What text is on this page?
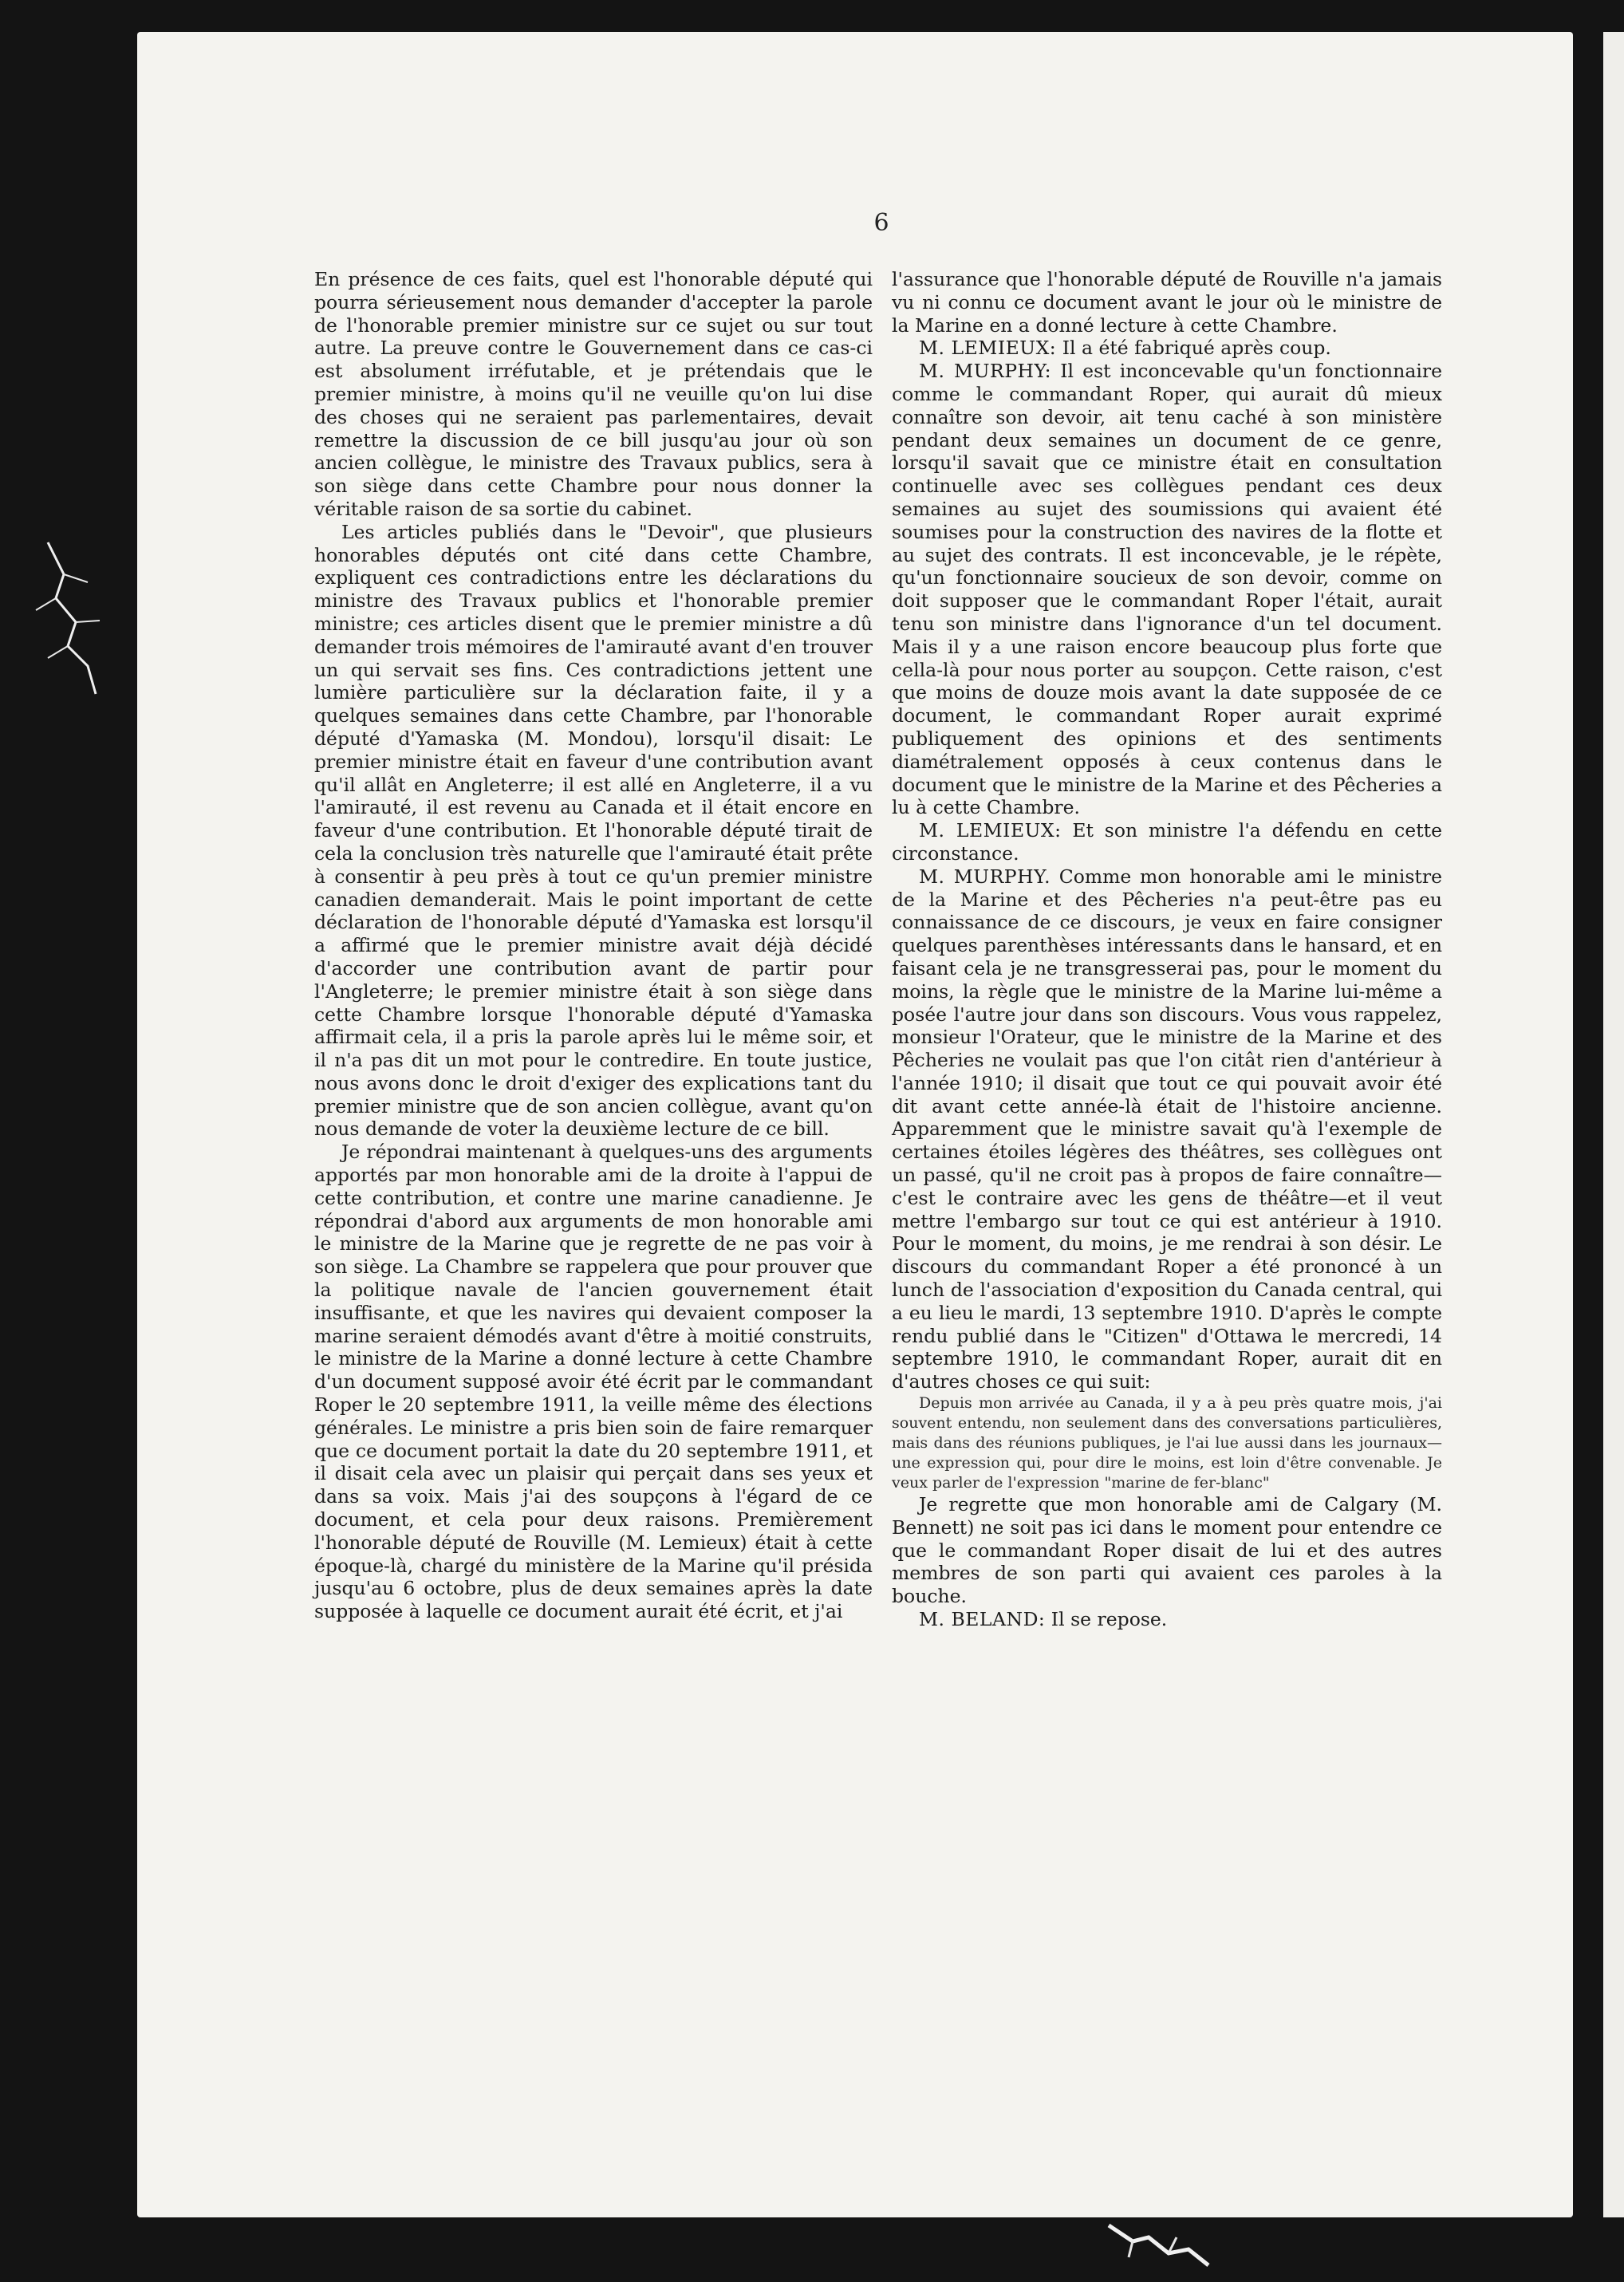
6

En présence de ces faits, quel est l'honorable député qui pourra sérieusement nous demander d'accepter la parole de l'honorable premier ministre sur ce sujet ou sur tout autre. La preuve contre le Gouvernement dans ce cas-ci est absolument irréfutable, et je prétendais que le premier ministre, à moins qu'il ne veuille qu'on lui dise des choses qui ne seraient pas parlementaires, devait remettre la discussion de ce bill jusqu'au jour où son ancien collègue, le ministre des Travaux publics, sera à son siège dans cette Chambre pour nous donner la véritable raison de sa sortie du cabinet.

Les articles publiés dans le "Devoir", que plusieurs honorables députés ont cité dans cette Chambre, expliquent ces contradictions entre les déclarations du ministre des Travaux publics et l'honorable premier ministre; ces articles disent que le premier ministre a dû demander trois mémoires de l'amirauté avant d'en trouver un qui servait ses fins. Ces contradictions jettent une lumière particulière sur la déclaration faite, il y a quelques semaines dans cette Chambre, par l'honorable député d'Yamaska (M. Mondou), lorsqu'il disait: Le premier ministre était en faveur d'une contribution avant qu'il allât en Angleterre; il est allé en Angleterre, il a vu l'amirauté, il est revenu au Canada et il était encore en faveur d'une contribution. Et l'honorable député tirait de cela la conclusion très naturelle que l'amirauté était prête à consentir à peu près à tout ce qu'un premier ministre canadien demanderait. Mais le point important de cette déclaration de l'honorable député d'Yamaska est lorsqu'il a affirmé que le premier ministre avait déjà décidé d'accorder une contribution avant de partir pour l'Angleterre; le premier ministre était à son siège dans cette Chambre lorsque l'honorable député d'Yamaska affirmait cela, il a pris la parole après lui le même soir, et il n'a pas dit un mot pour le contredire. En toute justice, nous avons donc le droit d'exiger des explications tant du premier ministre que de son ancien collègue, avant qu'on nous demande de voter la deuxième lecture de ce bill.

Je répondrai maintenant à quelques-uns des arguments apportés par mon honorable ami de la droite à l'appui de cette contribution, et contre une marine canadienne. Je répondrai d'abord aux arguments de mon honorable ami le ministre de la Marine que je regrette de ne pas voir à son siège. La Chambre se rappelera que pour prouver que la politique navale de l'ancien gouvernement était insuffisante, et que les navires qui devaient composer la marine seraient démodés avant d'être à moitié construits, le ministre de la Marine a donné lecture à cette Chambre d'un document supposé avoir été écrit par le commandant Roper le 20 septembre 1911, la veille même des élections générales. Le ministre a pris bien soin de faire remarquer que ce document portait la date du 20 septembre 1911, et il disait cela avec un plaisir qui perçait dans ses yeux et dans sa voix. Mais j'ai des soupçons à l'égard de ce document, et cela pour deux raisons. Premièrement l'honorable député de Rouville (M. Lemieux) était à cette époque-là, chargé du ministère de la Marine qu'il présida jusqu'au 6 octobre, plus de deux semaines après la date supposée à laquelle ce document aurait été écrit, et j'ai

l'assurance que l'honorable député de Rouville n'a jamais vu ni connu ce document avant le jour où le ministre de la Marine en a donné lecture à cette Chambre.

M. LEMIEUX: Il a été fabriqué après coup.

M. MURPHY: Il est inconcevable qu'un fonctionnaire comme le commandant Roper, qui aurait dû mieux connaître son devoir, ait tenu caché à son ministère pendant deux semaines un document de ce genre, lorsqu'il savait que ce ministre était en consultation continuelle avec ses collègues pendant ces deux semaines au sujet des soumissions qui avaient été soumises pour la construction des navires de la flotte et au sujet des contrats. Il est inconcevable, je le répète, qu'un fonctionnaire soucieux de son devoir, comme on doit supposer que le commandant Roper l'était, aurait tenu son ministre dans l'ignorance d'un tel document. Mais il y a une raison encore beaucoup plus forte que cella-là pour nous porter au soupçon. Cette raison, c'est que moins de douze mois avant la date supposée de ce document, le commandant Roper aurait exprimé publiquement des opinions et des sentiments diamétralement opposés à ceux contenus dans le document que le ministre de la Marine et des Pêcheries a lu à cette Chambre.

M. LEMIEUX: Et son ministre l'a défendu en cette circonstance.

M. MURPHY. Comme mon honorable ami le ministre de la Marine et des Pêcheries n'a peut-être pas eu connaissance de ce discours, je veux en faire consigner quelques parenthèses intéressants dans le hansard, et en faisant cela je ne transgresserai pas, pour le moment du moins, la règle que le ministre de la Marine lui-même a posée l'autre jour dans son discours. Vous vous rappelez, monsieur l'Orateur, que le ministre de la Marine et des Pêcheries ne voulait pas que l'on citât rien d'antérieur à l'année 1910; il disait que tout ce qui pouvait avoir été dit avant cette année-là était de l'histoire ancienne. Apparemment que le ministre savait qu'à l'exemple de certaines étoiles légères des théâtres, ses collègues ont un passé, qu'il ne croit pas à propos de faire connaître—c'est le contraire avec les gens de théâtre—et il veut mettre l'embargo sur tout ce qui est antérieur à 1910. Pour le moment, du moins, je me rendrai à son désir. Le discours du commandant Roper a été prononcé à un lunch de l'association d'exposition du Canada central, qui a eu lieu le mardi, 13 septembre 1910. D'après le compte rendu publié dans le "Citizen" d'Ottawa le mercredi, 14 septembre 1910, le commandant Roper, aurait dit en d'autres choses ce qui suit:

Depuis mon arrivée au Canada, il y a à peu près quatre mois, j'ai souvent entendu, non seulement dans des conversations particulières, mais dans des réunions publiques, je l'ai lue aussi dans les journaux—une expression qui, pour dire le moins, est loin d'être convenable. Je veux parler de l'expression "marine de fer-blanc"

Je regrette que mon honorable ami de Calgary (M. Bennett) ne soit pas ici dans le moment pour entendre ce que le commandant Roper disait de lui et des autres membres de son parti qui avaient ces paroles à la bouche.

M. BELAND: Il se repose.
